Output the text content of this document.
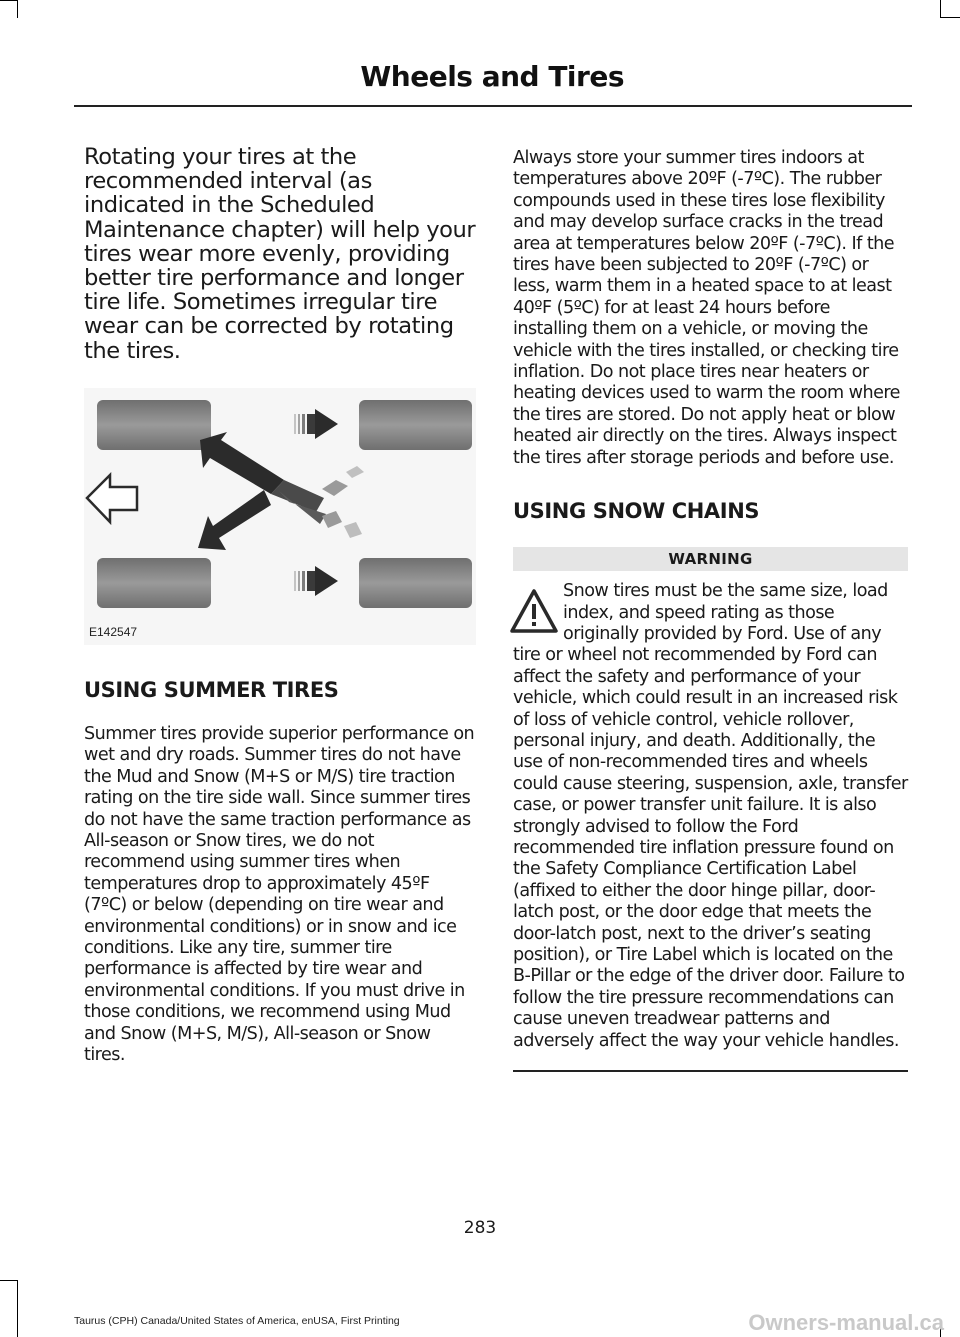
Wheels and Tires

Rotating your tires at the recommended interval (as indicated in the Scheduled Maintenance chapter) will help your tires wear more evenly, providing better tire performance and longer tire life. Sometimes irregular tire wear can be corrected by rotating the tires.

E142547
USING SUMMER TIRES

Summer tires provide superior performance on wet and dry roads. Summer tires do not have the Mud and Snow (M+S or M/S) tire traction rating on the tire side wall. Since summer tires do not have the same traction performance as All-season or Snow tires, we do not recommend using summer tires when temperatures drop to approximately 45ºF (7ºC) or below (depending on tire wear and environmental conditions) or in snow and ice conditions. Like any tire, summer tire performance is affected by tire wear and environmental conditions. If you must drive in those conditions, we recommend using Mud and Snow (M+S, M/S), All-season or Snow tires.

Always store your summer tires indoors at temperatures above 20ºF (-7ºC). The rubber compounds used in these tires lose flexibility and may develop surface cracks in the tread area at temperatures below 20ºF (-7ºC). If the tires have been subjected to 20ºF (-7ºC) or less, warm them in a heated space to at least 40ºF (5ºC) for at least 24 hours before installing them on a vehicle, or moving the vehicle with the tires installed, or checking tire inflation. Do not place tires near heaters or heating devices used to warm the room where the tires are stored. Do not apply heat or blow heated air directly on the tires. Always inspect the tires after storage periods and before use.

USING SNOW CHAINS
WARNING

Snow tires must be the same size, load index, and speed rating as those originally provided by Ford. Use of any tire or wheel not recommended by Ford can affect the safety and performance of your vehicle, which could result in an increased risk of loss of vehicle control, vehicle rollover, personal injury, and death. Additionally, the use of non-recommended tires and wheels could cause steering, suspension, axle, transfer case, or power transfer unit failure. It is also strongly advised to follow the Ford recommended tire inflation pressure found on the Safety Compliance Certification Label (affixed to either the door hinge pillar, door-latch post, or the door edge that meets the door-latch post, next to the driver’s seating position), or Tire Label which is located on the B-Pillar or the edge of the driver door. Failure to follow the tire pressure recommendations can cause uneven treadwear patterns and adversely affect the way your vehicle handles.

283
Taurus (CPH) Canada/United States of America, enUSA, First Printing	Owners-manual.ca
